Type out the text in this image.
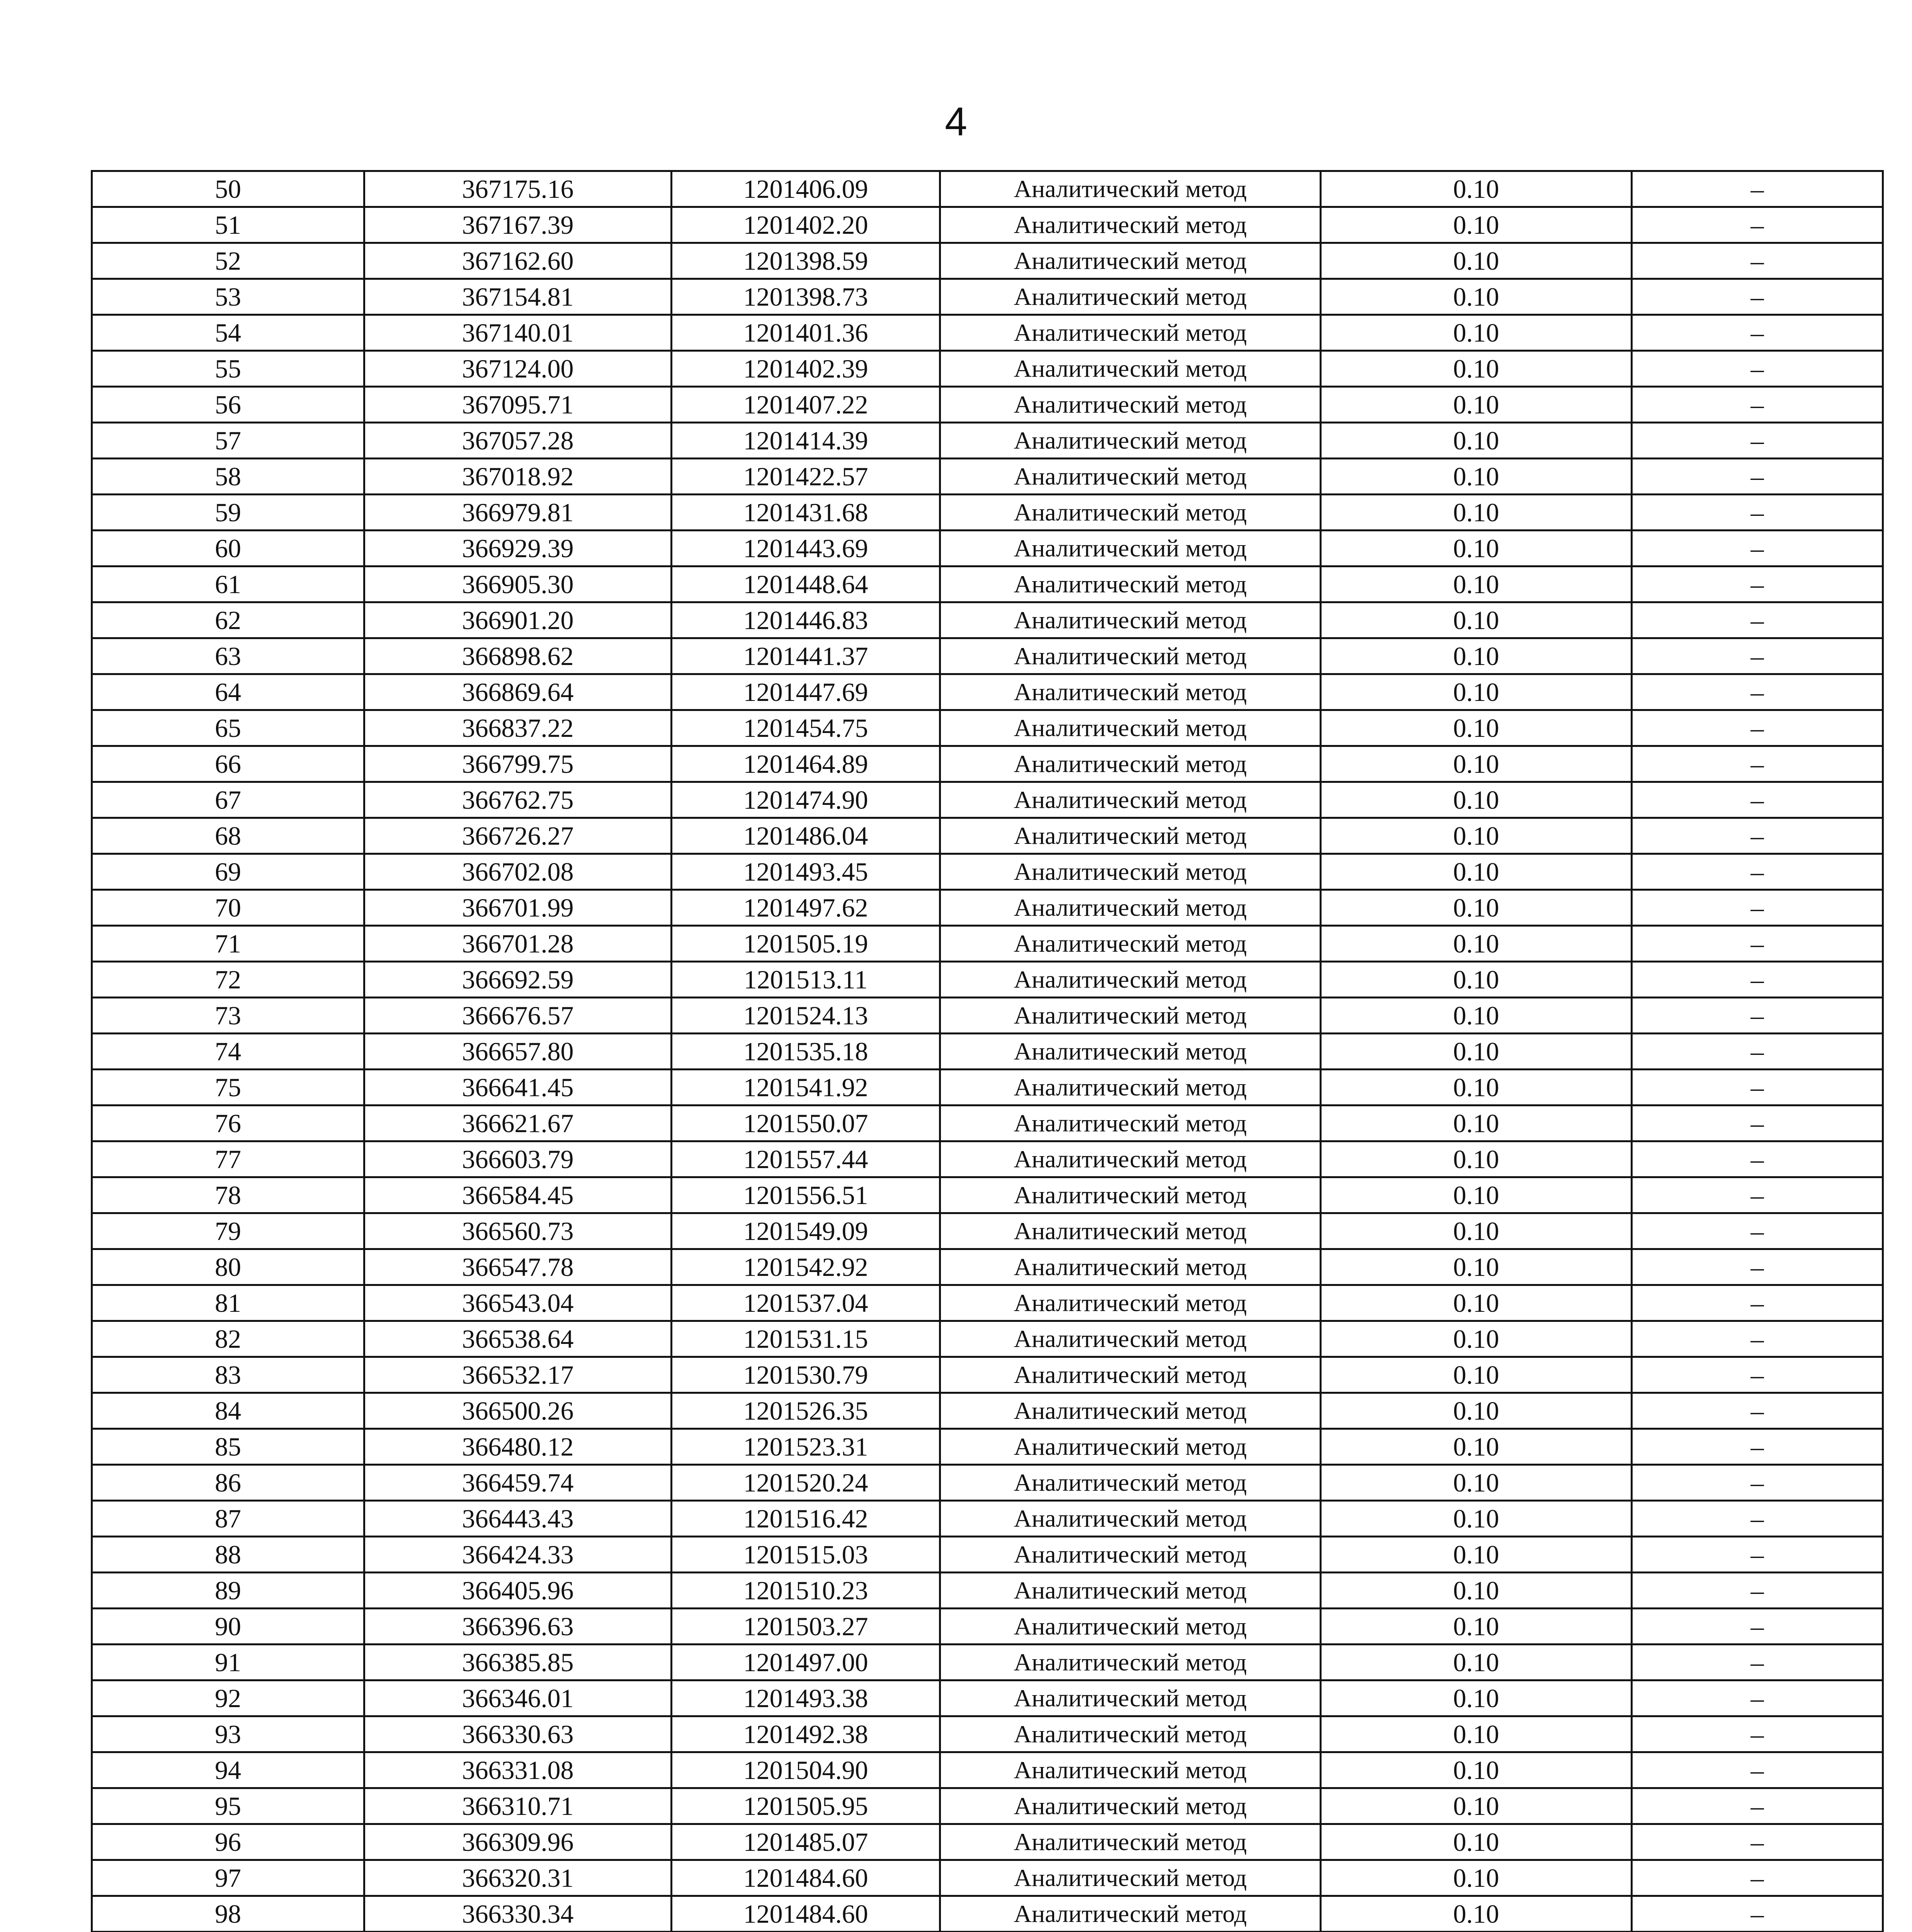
4
50	367175.16	1201406.09	Аналитический метод	0.10	–
51	367167.39	1201402.20	Аналитический метод	0.10	–
52	367162.60	1201398.59	Аналитический метод	0.10	–
53	367154.81	1201398.73	Аналитический метод	0.10	–
54	367140.01	1201401.36	Аналитический метод	0.10	–
55	367124.00	1201402.39	Аналитический метод	0.10	–
56	367095.71	1201407.22	Аналитический метод	0.10	–
57	367057.28	1201414.39	Аналитический метод	0.10	–
58	367018.92	1201422.57	Аналитический метод	0.10	–
59	366979.81	1201431.68	Аналитический метод	0.10	–
60	366929.39	1201443.69	Аналитический метод	0.10	–
61	366905.30	1201448.64	Аналитический метод	0.10	–
62	366901.20	1201446.83	Аналитический метод	0.10	–
63	366898.62	1201441.37	Аналитический метод	0.10	–
64	366869.64	1201447.69	Аналитический метод	0.10	–
65	366837.22	1201454.75	Аналитический метод	0.10	–
66	366799.75	1201464.89	Аналитический метод	0.10	–
67	366762.75	1201474.90	Аналитический метод	0.10	–
68	366726.27	1201486.04	Аналитический метод	0.10	–
69	366702.08	1201493.45	Аналитический метод	0.10	–
70	366701.99	1201497.62	Аналитический метод	0.10	–
71	366701.28	1201505.19	Аналитический метод	0.10	–
72	366692.59	1201513.11	Аналитический метод	0.10	–
73	366676.57	1201524.13	Аналитический метод	0.10	–
74	366657.80	1201535.18	Аналитический метод	0.10	–
75	366641.45	1201541.92	Аналитический метод	0.10	–
76	366621.67	1201550.07	Аналитический метод	0.10	–
77	366603.79	1201557.44	Аналитический метод	0.10	–
78	366584.45	1201556.51	Аналитический метод	0.10	–
79	366560.73	1201549.09	Аналитический метод	0.10	–
80	366547.78	1201542.92	Аналитический метод	0.10	–
81	366543.04	1201537.04	Аналитический метод	0.10	–
82	366538.64	1201531.15	Аналитический метод	0.10	–
83	366532.17	1201530.79	Аналитический метод	0.10	–
84	366500.26	1201526.35	Аналитический метод	0.10	–
85	366480.12	1201523.31	Аналитический метод	0.10	–
86	366459.74	1201520.24	Аналитический метод	0.10	–
87	366443.43	1201516.42	Аналитический метод	0.10	–
88	366424.33	1201515.03	Аналитический метод	0.10	–
89	366405.96	1201510.23	Аналитический метод	0.10	–
90	366396.63	1201503.27	Аналитический метод	0.10	–
91	366385.85	1201497.00	Аналитический метод	0.10	–
92	366346.01	1201493.38	Аналитический метод	0.10	–
93	366330.63	1201492.38	Аналитический метод	0.10	–
94	366331.08	1201504.90	Аналитический метод	0.10	–
95	366310.71	1201505.95	Аналитический метод	0.10	–
96	366309.96	1201485.07	Аналитический метод	0.10	–
97	366320.31	1201484.60	Аналитический метод	0.10	–
98	366330.34	1201484.60	Аналитический метод	0.10	–
